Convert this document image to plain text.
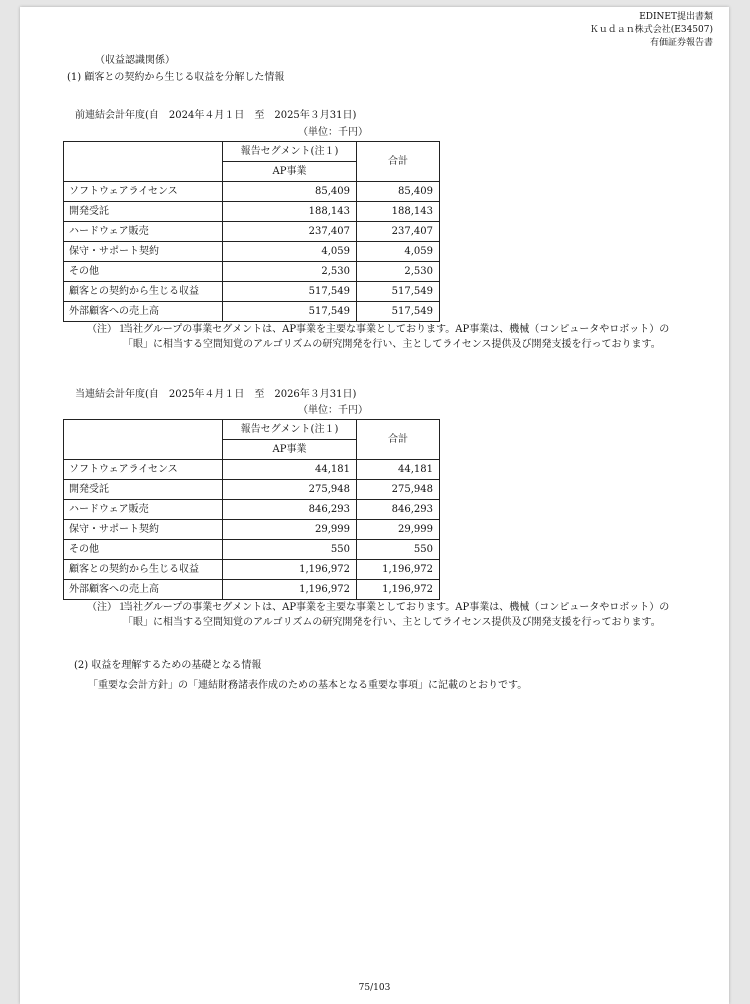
EDINET提出書類
Ｋｕｄａｎ株式会社(E34507)
有価証券報告書
（収益認識関係）
(1) 顧客との契約から生じる収益を分解した情報
前連結会計年度(自　2024年４月１日　至　2025年３月31日)
（単位：千円）
	報告セグメント(注１)	合計
	AP事業	
ソフトウェアライセンス	85,409	85,409
開発受託	188,143	188,143
ハードウェア販売	237,407	237,407
保守・サポート契約	4,059	4,059
その他	2,530	2,530
顧客との契約から生じる収益	517,549	517,549
外部顧客への売上高	517,549	517,549
（注）１．
当社グループの事業セグメントは、AP事業を主要な事業としております。AP事業は、機械（コンピュータやロボット）の「眼」に相当する空間知覚のアルゴリズムの研究開発を行い、主としてライセンス提供及び開発支援を行っております。
当連結会計年度(自　2025年４月１日　至　2026年３月31日)
（単位：千円）
	報告セグメント(注１)	合計
	AP事業	
ソフトウェアライセンス	44,181	44,181
開発受託	275,948	275,948
ハードウェア販売	846,293	846,293
保守・サポート契約	29,999	29,999
その他	550	550
顧客との契約から生じる収益	1,196,972	1,196,972
外部顧客への売上高	1,196,972	1,196,972
（注）１．
当社グループの事業セグメントは、AP事業を主要な事業としております。AP事業は、機械（コンピュータやロボット）の「眼」に相当する空間知覚のアルゴリズムの研究開発を行い、主としてライセンス提供及び開発支援を行っております。
(2) 収益を理解するための基礎となる情報
「重要な会計方針」の「連結財務諸表作成のための基本となる重要な事項」に記載のとおりです。
75/103
